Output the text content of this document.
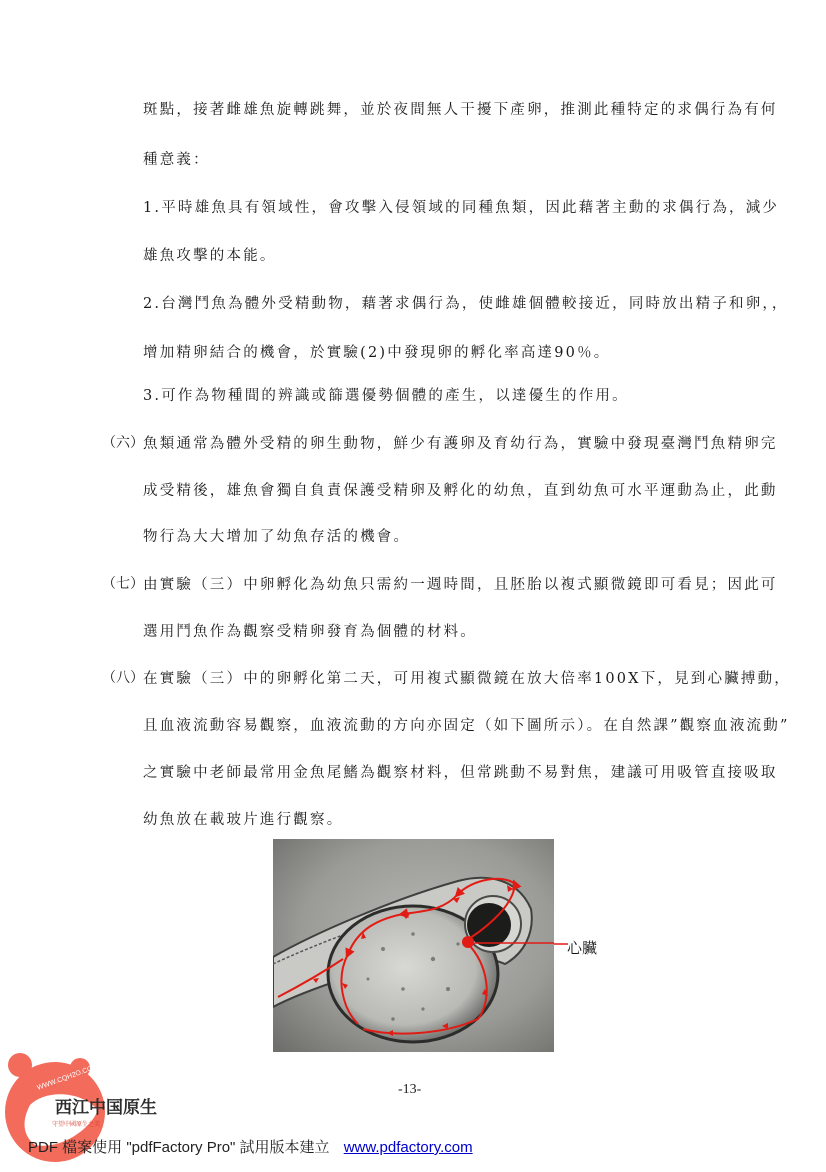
斑點，接著雌雄魚旋轉跳舞，並於夜間無人干擾下產卵，推測此種特定的求偶行為有何
種意義：
1.平時雄魚具有領域性，會攻擊入侵領域的同種魚類，因此藉著主動的求偶行為，減少
雄魚攻擊的本能。
2.台灣鬥魚為體外受精動物，藉著求偶行為，使雌雄個體較接近，同時放出精子和卵，，
增加精卵結合的機會，於實驗(2)中發現卵的孵化率高達90％。
3.可作為物種間的辨識或篩選優勢個體的產生，以達優生的作用。
（六） 魚類通常為體外受精的卵生動物，鮮少有護卵及育幼行為，實驗中發現臺灣鬥魚精卵完
成受精後，雄魚會獨自負責保護受精卵及孵化的幼魚，直到幼魚可水平運動為止，此動
物行為大大增加了幼魚存活的機會。
（七） 由實驗（三）中卵孵化為幼魚只需約一週時間，且胚胎以複式顯微鏡即可看見；因此可
選用鬥魚作為觀察受精卵發育為個體的材料。
（八） 在實驗（三）中的卵孵化第二天，可用複式顯微鏡在放大倍率100X下，見到心臟搏動，
且血液流動容易觀察，血液流動的方向亦固定（如下圖所示）。在自然課”觀察血液流動”
之實驗中老師最常用金魚尾鰭為觀察材料，但常跳動不易對焦，建議可用吸管直接吸取
幼魚放在載玻片進行觀察。
心臟
-13-
WWW.CQH2O.COM
西江中国原生
守望中國原生之美
PDF 檔案使用 "pdfFactory Pro" 試用版本建立 www.pdfactory.com
